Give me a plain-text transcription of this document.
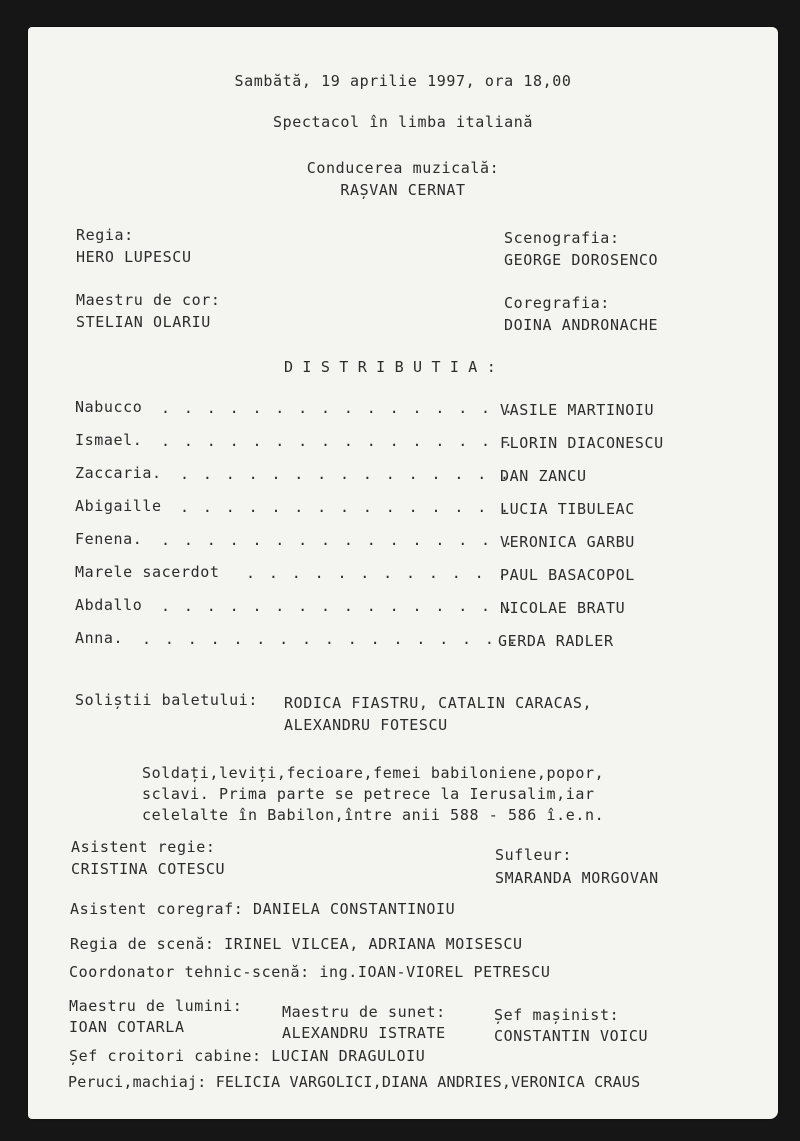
Sambătă, 19 aprilie 1997, ora 18,00
Spectacol în limba italiană
Conducerea muzicală:
RAȘVAN CERNAT
Regia:
HERO LUPESCU
Scenografia:
GEORGE DOROSENCO
Maestru de cor:
STELIAN OLARIU
Coregrafia:
DOINA ANDRONACHE
DISTRIBUTIA:
Nabucco . . . . . . . . . . . . . . . .
VASILE MARTINOIU
Ismael. . . . . . . . . . . . . . . . .
FLORIN DIACONESCU
Zaccaria. . . . . . . . . . . . . . . .
DAN ZANCU
Abigaille . . . . . . . . . . . . . . .
LUCIA TIBULEAC
Fenena. . . . . . . . . . . . . . . . .
VERONICA GARBU
Marele sacerdot . . . . . . . . . . . .
PAUL BASACOPOL
Abdallo . . . . . . . . . . . . . . . .
NICOLAE BRATU
Anna. . . . . . . . . . . . . . . . . .
GERDA RADLER
Soliștii baletului: RODICA FIASTRU, CATALIN CARACAS,
ALEXANDRU FOTESCU
Soldați,leviți,fecioare,femei babiloniene,popor,
sclavi. Prima parte se petrece la Ierusalim,iar
celelalte în Babilon,între anii 588 - 586 î.e.n.
Asistent regie:
CRISTINA COTESCU
Sufleur:
SMARANDA MORGOVAN
Asistent coregraf: DANIELA CONSTANTINOIU
Regia de scenă: IRINEL VILCEA, ADRIANA MOISESCU
Coordonator tehnic-scenă: ing.IOAN-VIOREL PETRESCU
Maestru de lumini:
IOAN COTARLA
Maestru de sunet:
ALEXANDRU ISTRATE
Șef mașinist:
CONSTANTIN VOICU
Șef croitori cabine: LUCIAN DRAGULOIU
Peruci,machiaj: FELICIA VARGOLICI,DIANA ANDRIES,VERONICA CRAUS
